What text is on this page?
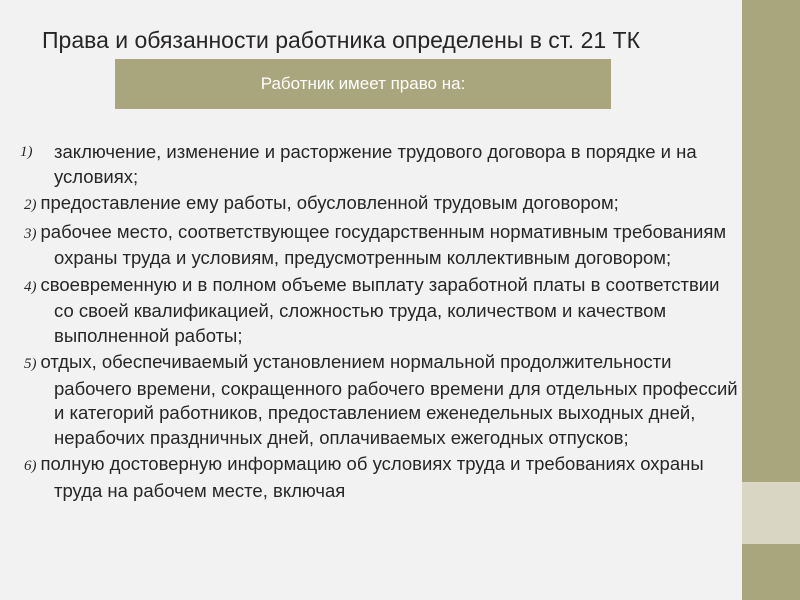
Права и обязанности работника определены в ст. 21 ТК
Работник имеет право на:
1) заключение, изменение и расторжение трудового договора в порядке и на условиях;
2) предоставление ему работы, обусловленной трудовым договором;
3) рабочее место, соответствующее государственным нормативным требованиям охраны труда и условиям, предусмотренным коллективным договором;
4) своевременную и в полном объеме выплату заработной платы в соответствии со своей квалификацией, сложностью труда, количеством и качеством выполненной работы;
5) отдых, обеспечиваемый установлением нормальной продолжительности рабочего времени, сокращенного рабочего времени для отдельных профессий и категорий работников, предоставлением еженедельных выходных дней, нерабочих праздничных дней, оплачиваемых ежегодных отпусков;
6) полную достоверную информацию об условиях труда и требованиях охраны труда на рабочем месте, включая
